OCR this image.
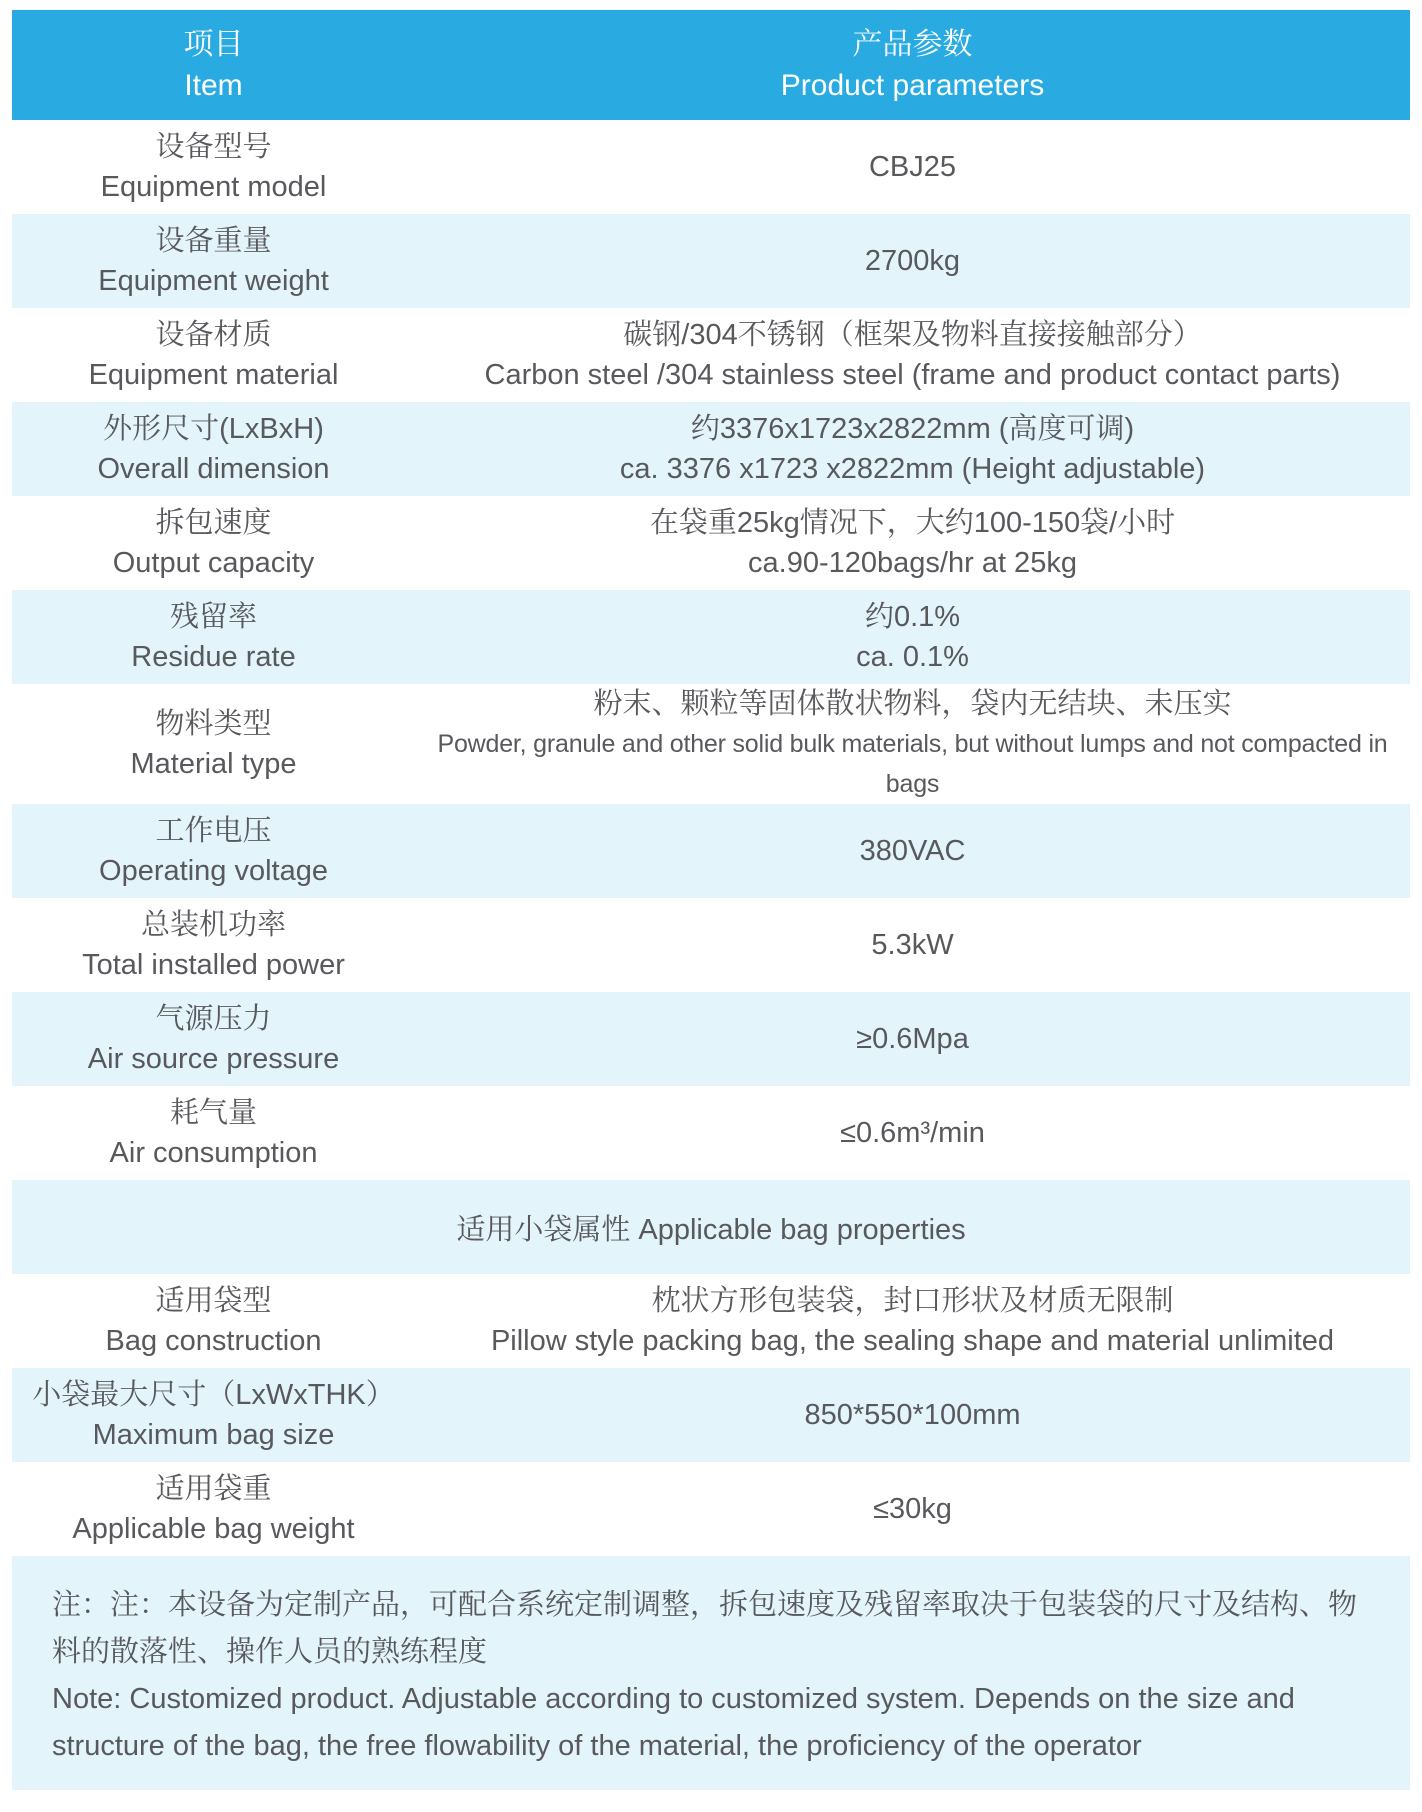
项目
Item
产品参数
Product parameters
设备型号
Equipment model
CBJ25
设备重量
Equipment weight
2700kg
设备材质
Equipment material
碳钢/304不锈钢（框架及物料直接接触部分）
Carbon steel /304 stainless steel (frame and product contact parts)
外形尺寸(LxBxH)
Overall dimension
约3376x1723x2822mm (高度可调)
ca. 3376 x1723 x2822mm (Height adjustable)
拆包速度
Output capacity
在袋重25kg情况下，大约100-150袋/小时
ca.90-120bags/hr at 25kg
残留率
Residue rate
约0.1%
ca. 0.1%
物料类型
Material type
粉末、颗粒等固体散状物料，袋内无结块、未压实
Powder, granule and other solid bulk materials, but without lumps and not compacted in bags
工作电压
Operating voltage
380VAC
总装机功率
Total installed power
5.3kW
气源压力
Air source pressure
≥0.6Mpa
耗气量
Air consumption
≤0.6m³/min
适用小袋属性 Applicable bag properties
适用袋型
Bag construction
枕状方形包装袋，封口形状及材质无限制
Pillow style packing bag, the sealing shape and material unlimited
小袋最大尺寸（LxWxTHK）
Maximum bag size
850*550*100mm
适用袋重
Applicable bag weight
≤30kg

注：注：本设备为定制产品，可配合系统定制调整，拆包速度及残留率取决于包装袋的尺寸及结构、物料的散落性、操作人员的熟练程度

Note: Customized product. Adjustable according to customized system. Depends on the size and structure of the bag, the free flowability of the material, the proficiency of the operator
